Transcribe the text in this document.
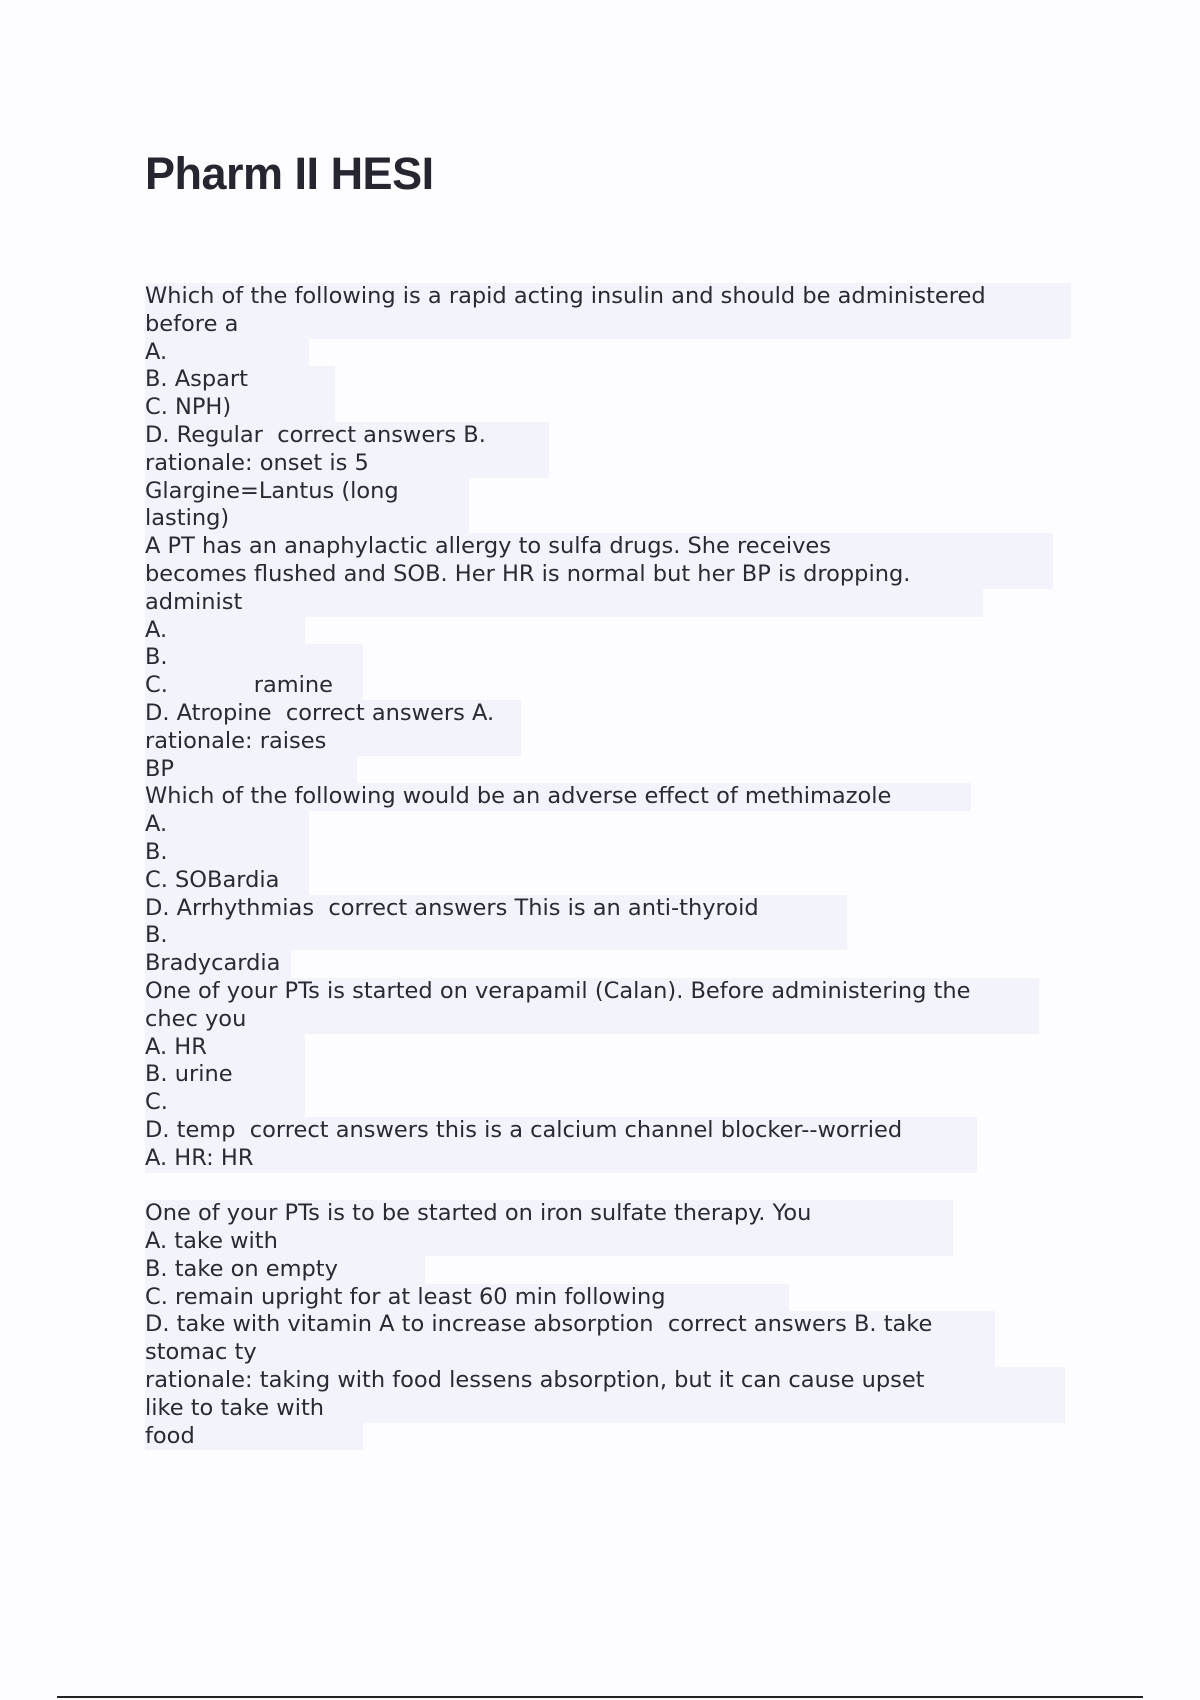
Pharm II HESI
Which of the following is a rapid acting insulin and should be administered
before a
A.
B. Aspart
C. NPH)
D. Regular  correct answers B.
rationale: onset is 5
Glargine=Lantus (long
lasting)
A PT has an anaphylactic allergy to sulfa drugs. She receives
becomes flushed and SOB. Her HR is normal but her BP is dropping.
administ
A.
B.
C.            ramine
D. Atropine  correct answers A.
rationale: raises
BP
Which of the following would be an adverse effect of methimazole
A.
B.
C. SOBardia
D. Arrhythmias  correct answers This is an anti-thyroid
B.
Bradycardia
One of your PTs is started on verapamil (Calan). Before administering the
chec you
A. HR
B. urine
C.
D. temp  correct answers this is a calcium channel blocker--worried
A. HR: HR
One of your PTs is to be started on iron sulfate therapy. You
A. take with
B. take on empty
C. remain upright for at least 60 min following
D. take with vitamin A to increase absorption  correct answers B. take
stomac ty
rationale: taking with food lessens absorption, but it can cause upset
like to take with
food
